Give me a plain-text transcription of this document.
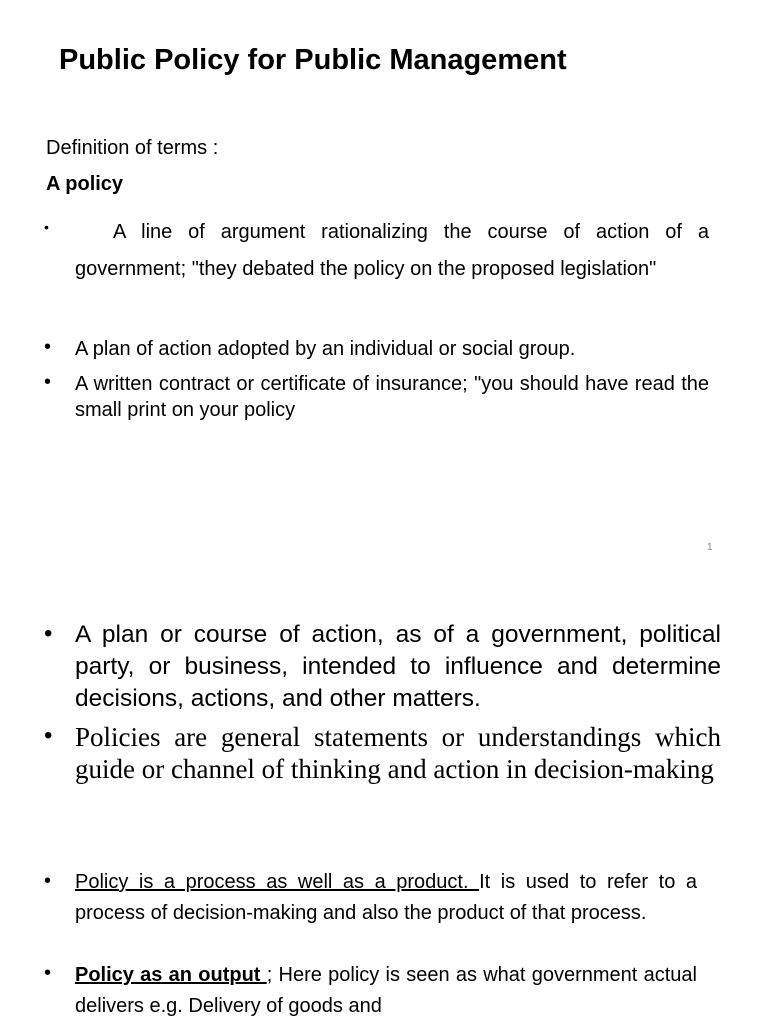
Public Policy for Public Management
Definition of terms :
A policy
•	A line of argument rationalizing the course of action of a government; "they debated the policy on the proposed legislation"
• A plan of action adopted by an individual or social group.
• A written contract or certificate of insurance; "you should have read the small print on your policy
1
• A plan or course of action, as of a government, political party, or business, intended to influence and determine decisions, actions, and other matters.
• Policies are general statements or understandings which guide or channel of thinking and action in decision-making
• Policy is a process as well as a product. It is used to refer to a process of decision-making and also the product of that process.
• Policy as an output ; Here policy is seen as what government actual delivers e.g. Delivery of goods and
